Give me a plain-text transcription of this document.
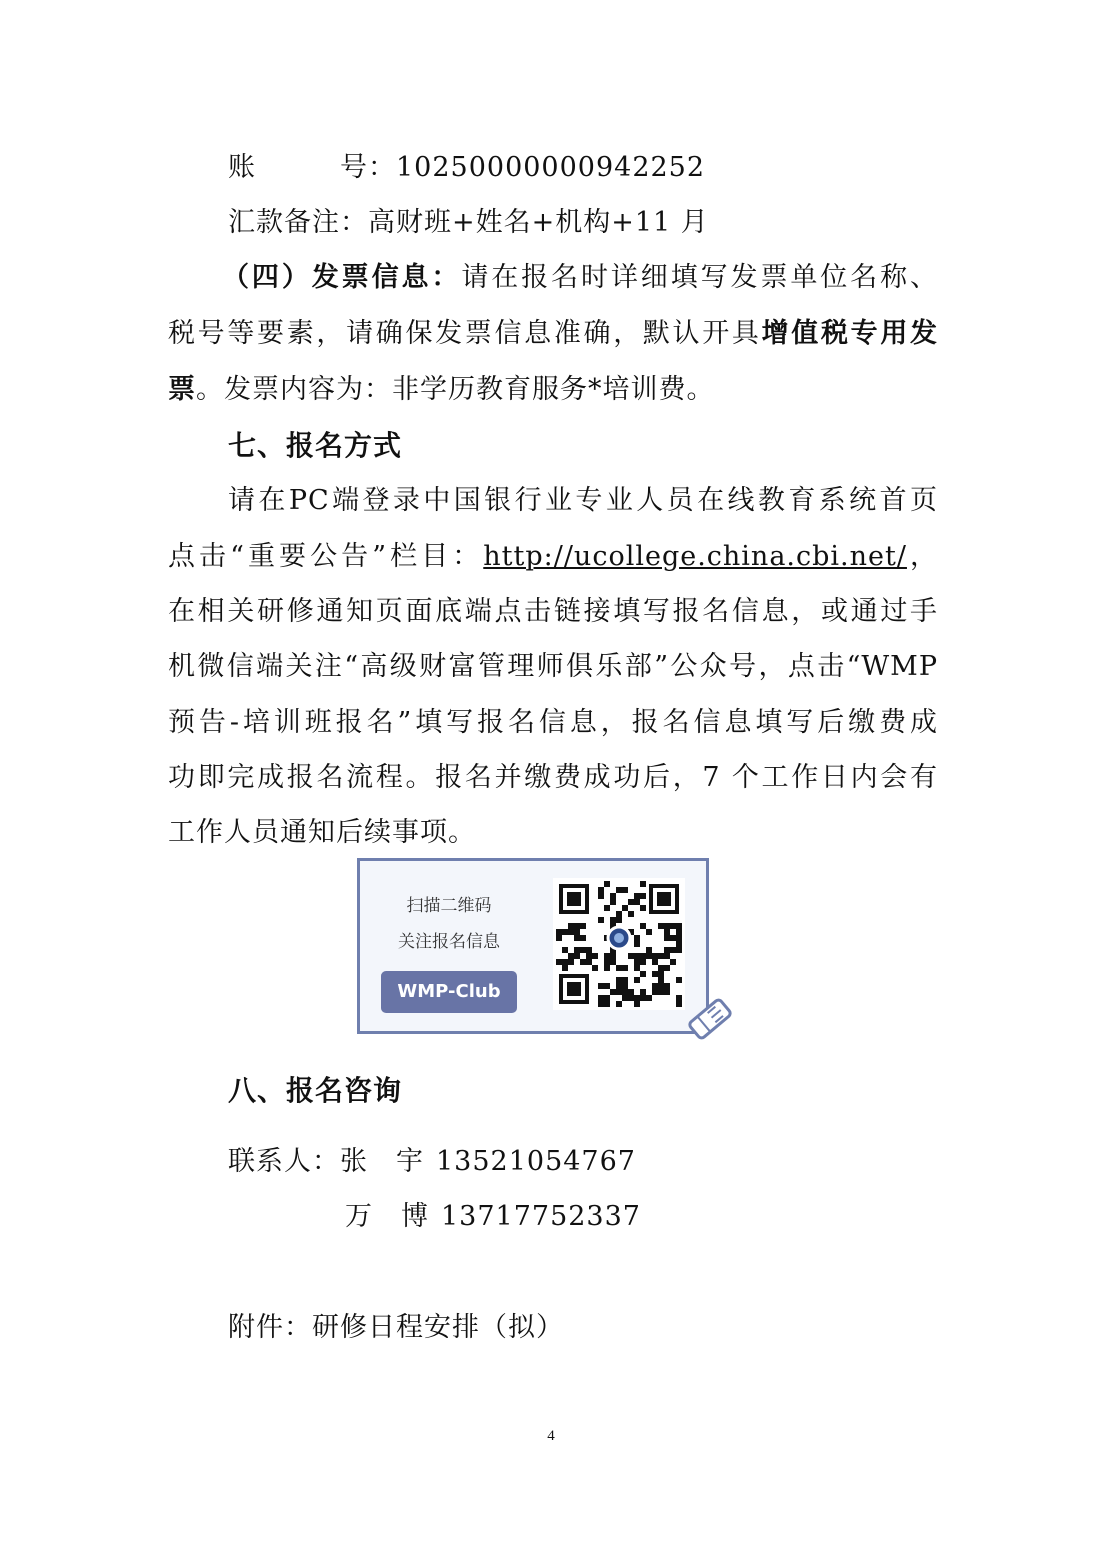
账　　　号：10250000000942252
汇款备注：高财班+姓名+机构+11 月
（四）发票信息：请在报名时详细填写发票单位名称、
税号等要素，请确保发票信息准确，默认开具增值税专用发
票。发票内容为：非学历教育服务*培训费。
七、报名方式
请在PC端登录中国银行业专业人员在线教育系统首页
点击“重要公告”栏目：http://ucollege.china.cbi.net/，
在相关研修通知页面底端点击链接填写报名信息，或通过手
机微信端关注“高级财富管理师俱乐部”公众号，点击“WMP
预告-培训班报名”填写报名信息，报名信息填写后缴费成
功即完成报名流程。报名并缴费成功后，7 个工作日内会有
工作人员通知后续事项。
扫描二维码
关注报名信息
WMP-Club
八、报名咨询
联系人：张　宇 13521054767
万　博 13717752337
附件：研修日程安排（拟）
4
